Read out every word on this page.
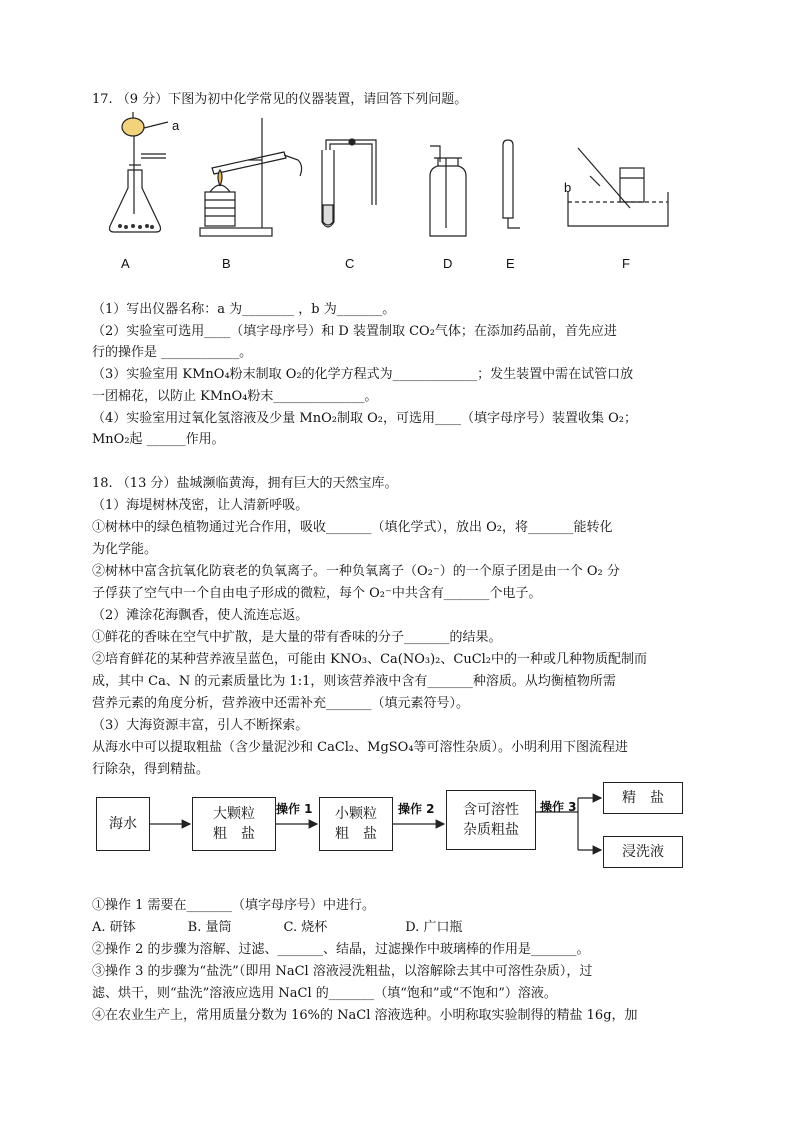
17. （9 分）下图为初中化学常见的仪器装置，请回答下列问题。
a
b
A	B	C	D	E	F
（1）写出仪器名称：a 为________ ，b 为_______。
（2）实验室可选用____（填字母序号）和 D 装置制取 CO₂气体；在添加药品前，首先应进
行的操作是 ____________。
（3）实验室用 KMnO₄粉末制取 O₂的化学方程式为_____________；发生装置中需在试管口放
一团棉花，以防止 KMnO₄粉末______________。
（4）实验室用过氧化氢溶液及少量 MnO₂制取 O₂，可选用____（填字母序号）装置收集 O₂；
MnO₂起 ______作用。
18. （13 分）盐城濒临黄海，拥有巨大的天然宝库。
（1）海堤树林茂密，让人清新呼吸。
①树林中的绿色植物通过光合作用，吸收_______（填化学式），放出 O₂，将_______能转化
为化学能。
②树林中富含抗氧化防衰老的负氧离子。一种负氧离子（O₂⁻）的一个原子团是由一个 O₂ 分
子俘获了空气中一个自由电子形成的微粒，每个 O₂⁻中共含有_______个电子。
（2）滩涂花海飘香，使人流连忘返。
①鲜花的香味在空气中扩散，是大量的带有香味的分子_______的结果。
②培育鲜花的某种营养液呈蓝色，可能由 KNO₃、Ca(NO₃)₂、CuCl₂中的一种或几种物质配制而
成，其中 Ca、N 的元素质量比为 1:1，则该营养液中含有_______种溶质。从均衡植物所需
营养元素的角度分析，营养液中还需补充_______（填元素符号）。
（3）大海资源丰富，引人不断探索。
从海水中可以提取粗盐（含少量泥沙和 CaCl₂、MgSO₄等可溶性杂质）。小明利用下图流程进
行除杂，得到精盐。
海水
大颗粒
粗　盐
小颗粒
粗　盐
含可溶性
杂质粗盐
精　盐
浸洗液
操作 1	操作 2	操作 3
①操作 1 需要在_______（填字母序号）中进行。
A. 研钵　　　　B. 量筒　　　　C. 烧杯　　　　　　D. 广口瓶
②操作 2 的步骤为溶解、过滤、_______、结晶，过滤操作中玻璃棒的作用是_______。
③操作 3 的步骤为“盐洗”（即用 NaCl 溶液浸洗粗盐，以溶解除去其中可溶性杂质），过
滤、烘干，则“盐洗”溶液应选用 NaCl 的_______（填“饱和”或“不饱和”）溶液。
④在农业生产上，常用质量分数为 16%的 NaCl 溶液选种。小明称取实验制得的精盐 16g，加
